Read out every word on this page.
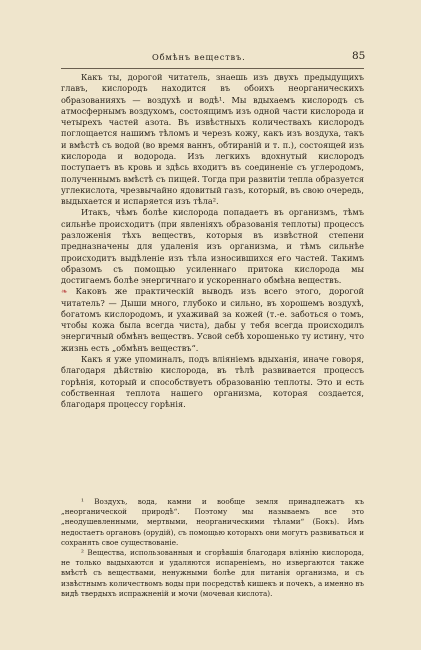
Обмѣнъ веществъ.	85

Какъ ты, дорогой читатель, знаешь изъ двухъ предыдущихъ главъ, кислородъ находится въ обоихъ неорганическихъ образованияхъ — воздухѣ и водѣ¹. Мы вдыхаемъ кислородъ съ атмосфернымъ воздухомъ, состоящимъ изъ одной части кислорода и четырехъ частей азота. Въ извѣстныхъ количествахъ кислородъ поглощается нашимъ тѣломъ и черезъ кожу, какъ изъ воздуха, такъ и вмѣстѣ съ водой (во время ваннъ, обтираній и т. п.), состоящей изъ кислорода и водорода. Изъ легкихъ вдохнутый кислородъ поступаетъ въ кровь и здѣсь входитъ въ соединеніе съ углеродомъ, полученнымъ вмѣстѣ съ пищей. Тогда при развитіи тепла образуется углекислота, чрезвычайно ядовитый газъ, который, въ свою очередь, выдыхается и испаряется изъ тѣла².

Итакъ, чѣмъ болѣе кислорода попадаетъ въ организмъ, тѣмъ сильнѣе происходитъ (при явленіяхъ образованія теплоты) процессъ разложенія тѣхъ веществъ, которыя въ извѣстной степени предназначены для удаленія изъ организма, и тѣмъ сильнѣе происходитъ выдѣленіе изъ тѣла износившихся его частей. Такимъ образомъ съ помощью усиленнаго притока кислорода мы достигаемъ болѣе энергичнаго и ускореннаго обмѣна веществъ.

❧ Каковъ же практическій выводъ изъ всего этого, дорогой читатель? — Дыши много, глубоко и сильно, въ хорошемъ воздухѣ, богатомъ кислородомъ, и ухаживай за кожей (т.-е. заботься о томъ, чтобы кожа была всегда чиста), дабы у тебя всегда происходилъ энергичный обмѣнъ веществъ. Усвой себѣ хорошенько ту истину, что жизнь есть „обмѣнъ веществъ“.

Какъ я уже упоминалъ, подъ вліяніемъ вдыханія, иначе говоря, благодаря дѣйствію кислорода, въ тѣлѣ развивается процессъ горѣнія, который и способствуетъ образованію теплоты. Это и есть собственная теплота нашего организма, которая создается, благодаря процессу горѣнія.

¹ Воздухъ, вода, камни и вообще земля принадлежатъ къ „неорганической природѣ“. Поэтому мы называемъ все это „неодушевленными, мертвыми, неорганическими тѣлами“ (Бокъ). Имъ недостаетъ органовъ (орудій), съ помощью которыхъ они могутъ развиваться и сохранять свое существованіе.

² Вещества, использованныя и сгорѣвшія благодаря вліянію кислорода, не только выдыхаются и удаляются испареніемъ, но извергаются также вмѣстѣ съ веществами, ненужными болѣе для питанія организма, и съ извѣстнымъ количествомъ воды при посредствѣ кишекъ и почекъ, а именно въ видѣ твердыхъ испражненій и мочи (мочевая кислота).
